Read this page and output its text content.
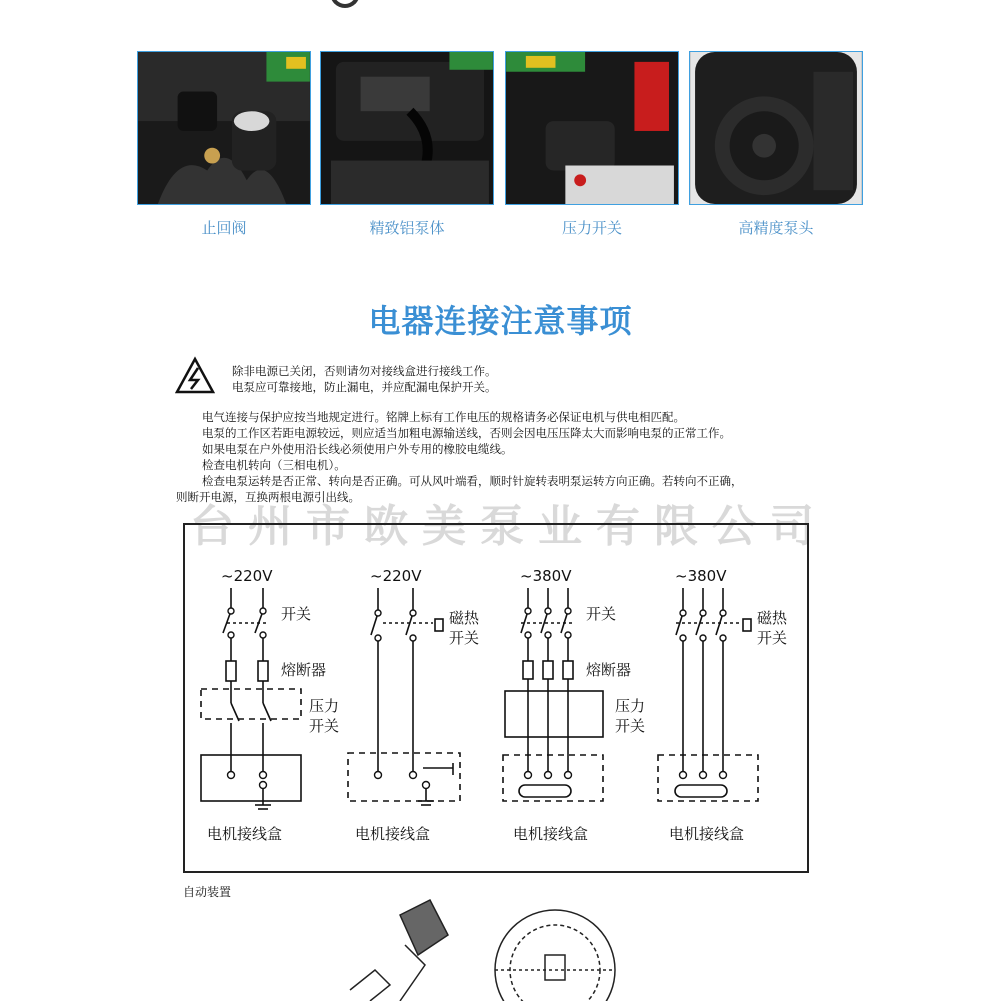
止回阀	精致铝泵体	压力开关	高精度泵头
电器连接注意事项
除非电源已关闭，否则请勿对接线盒进行接线工作。
电泵应可靠接地，防止漏电，并应配漏电保护开关。
电气连接与保护应按当地规定进行。铭牌上标有工作电压的规格请务必保证电机与供电相匹配。
电泵的工作区若距电源较远，则应适当加粗电源输送线，否则会因电压压降太大而影响电泵的正常工作。
如果电泵在户外使用沿长线必须使用户外专用的橡胶电缆线。
检查电机转向（三相电机）。
检查电泵运转是否正常、转向是否正确。可从风叶端看，顺时针旋转表明泵运转方向正确。若转向不正确，
则断开电源，互换两根电源引出线。
台州市欧美泵业有限公司
~220V	~220V	~380V	~380V
开关
熔断器
压力
开关
磁热
开关
开关
熔断器
压力
开关
磁热
开关
电机接线盒	电机接线盒	电机接线盒	电机接线盒
自动装置
